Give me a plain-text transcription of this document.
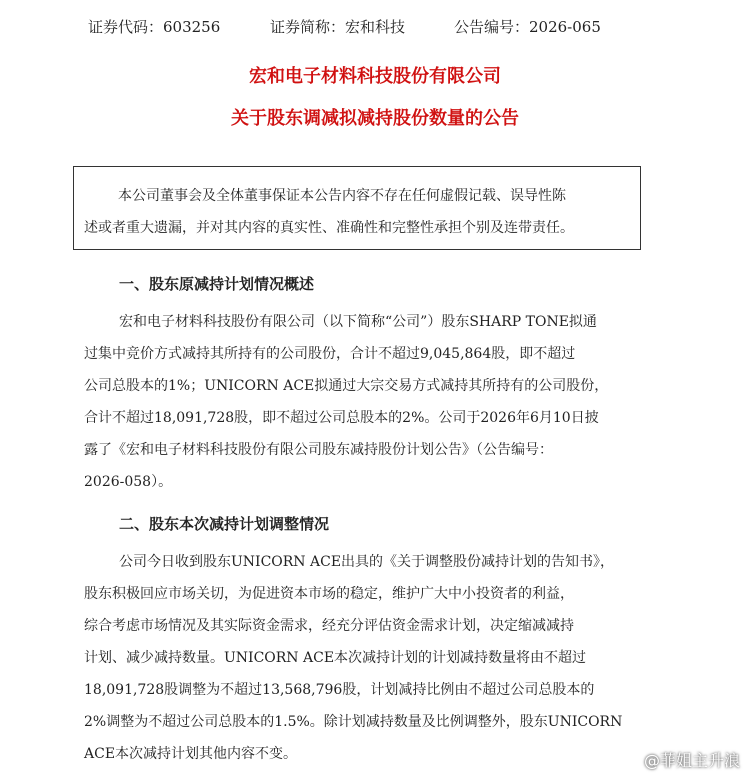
证券代码：603256	证券简称：宏和科技	公告编号：2026-065
宏和电子材料科技股份有限公司
关于股东调减拟减持股份数量的公告
本公司董事会及全体董事保证本公告内容不存在任何虚假记载、误导性陈
述或者重大遗漏，并对其内容的真实性、准确性和完整性承担个别及连带责任。
一、股东原减持计划情况概述
宏和电子材料科技股份有限公司（以下简称“公司”）股东SHARP TONE拟通
过集中竞价方式减持其所持有的公司股份，合计不超过9,045,864股，即不超过
公司总股本的1%；UNICORN ACE拟通过大宗交易方式减持其所持有的公司股份，
合计不超过18,091,728股，即不超过公司总股本的2%。公司于2026年6月10日披
露了《宏和电子材料科技股份有限公司股东减持股份计划公告》（公告编号：
2026-058）。
二、股东本次减持计划调整情况
公司今日收到股东UNICORN ACE出具的《关于调整股份减持计划的告知书》，
股东积极回应市场关切，为促进资本市场的稳定，维护广大中小投资者的利益，
综合考虑市场情况及其实际资金需求，经充分评估资金需求计划，决定缩减减持
计划、减少减持数量。UNICORN ACE本次减持计划的计划减持数量将由不超过
18,091,728股调整为不超过13,568,796股，计划减持比例由不超过公司总股本的
2%调整为不超过公司总股本的1.5%。除计划减持数量及比例调整外，股东UNICORN
ACE本次减持计划其他内容不变。	@菲姐主升浪
